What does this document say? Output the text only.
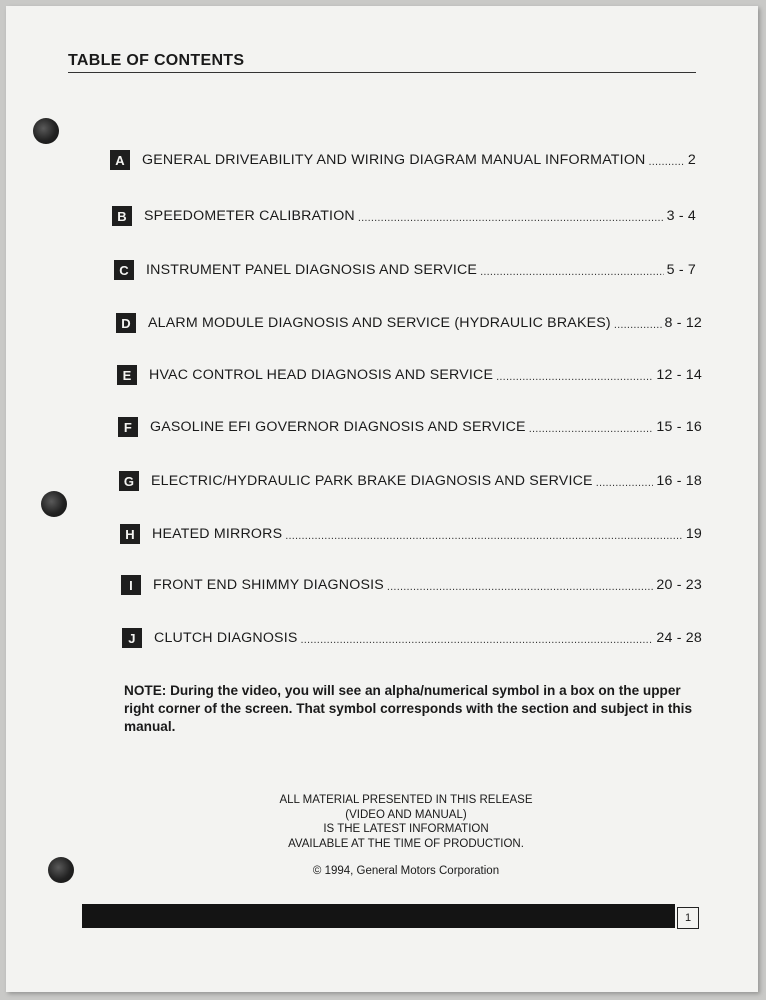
TABLE OF CONTENTS
A	GENERAL DRIVEABILITY AND WIRING DIAGRAM MANUAL INFORMATION .....	2
B	SPEEDOMETER CALIBRATION .....	3 - 4
C	INSTRUMENT PANEL DIAGNOSIS AND SERVICE .....	5 - 7
D	ALARM MODULE DIAGNOSIS AND SERVICE (HYDRAULIC BRAKES) .....	8 - 12
E	HVAC CONTROL HEAD DIAGNOSIS AND SERVICE .....	12 - 14
F	GASOLINE EFI GOVERNOR DIAGNOSIS AND SERVICE .....	15 - 16
G	ELECTRIC/HYDRAULIC PARK BRAKE DIAGNOSIS AND SERVICE .....	16 - 18
H	HEATED MIRRORS .....	19
I	FRONT END SHIMMY DIAGNOSIS .....	20 - 23
J	CLUTCH DIAGNOSIS .....	24 - 28
NOTE: During the video, you will see an alpha/numerical symbol in a box on the upper right corner of the screen. That symbol corresponds with the section and subject in this manual.
ALL MATERIAL PRESENTED IN THIS RELEASE
(VIDEO AND MANUAL)
IS THE LATEST INFORMATION
AVAILABLE AT THE TIME OF PRODUCTION.
© 1994, General Motors Corporation
1
